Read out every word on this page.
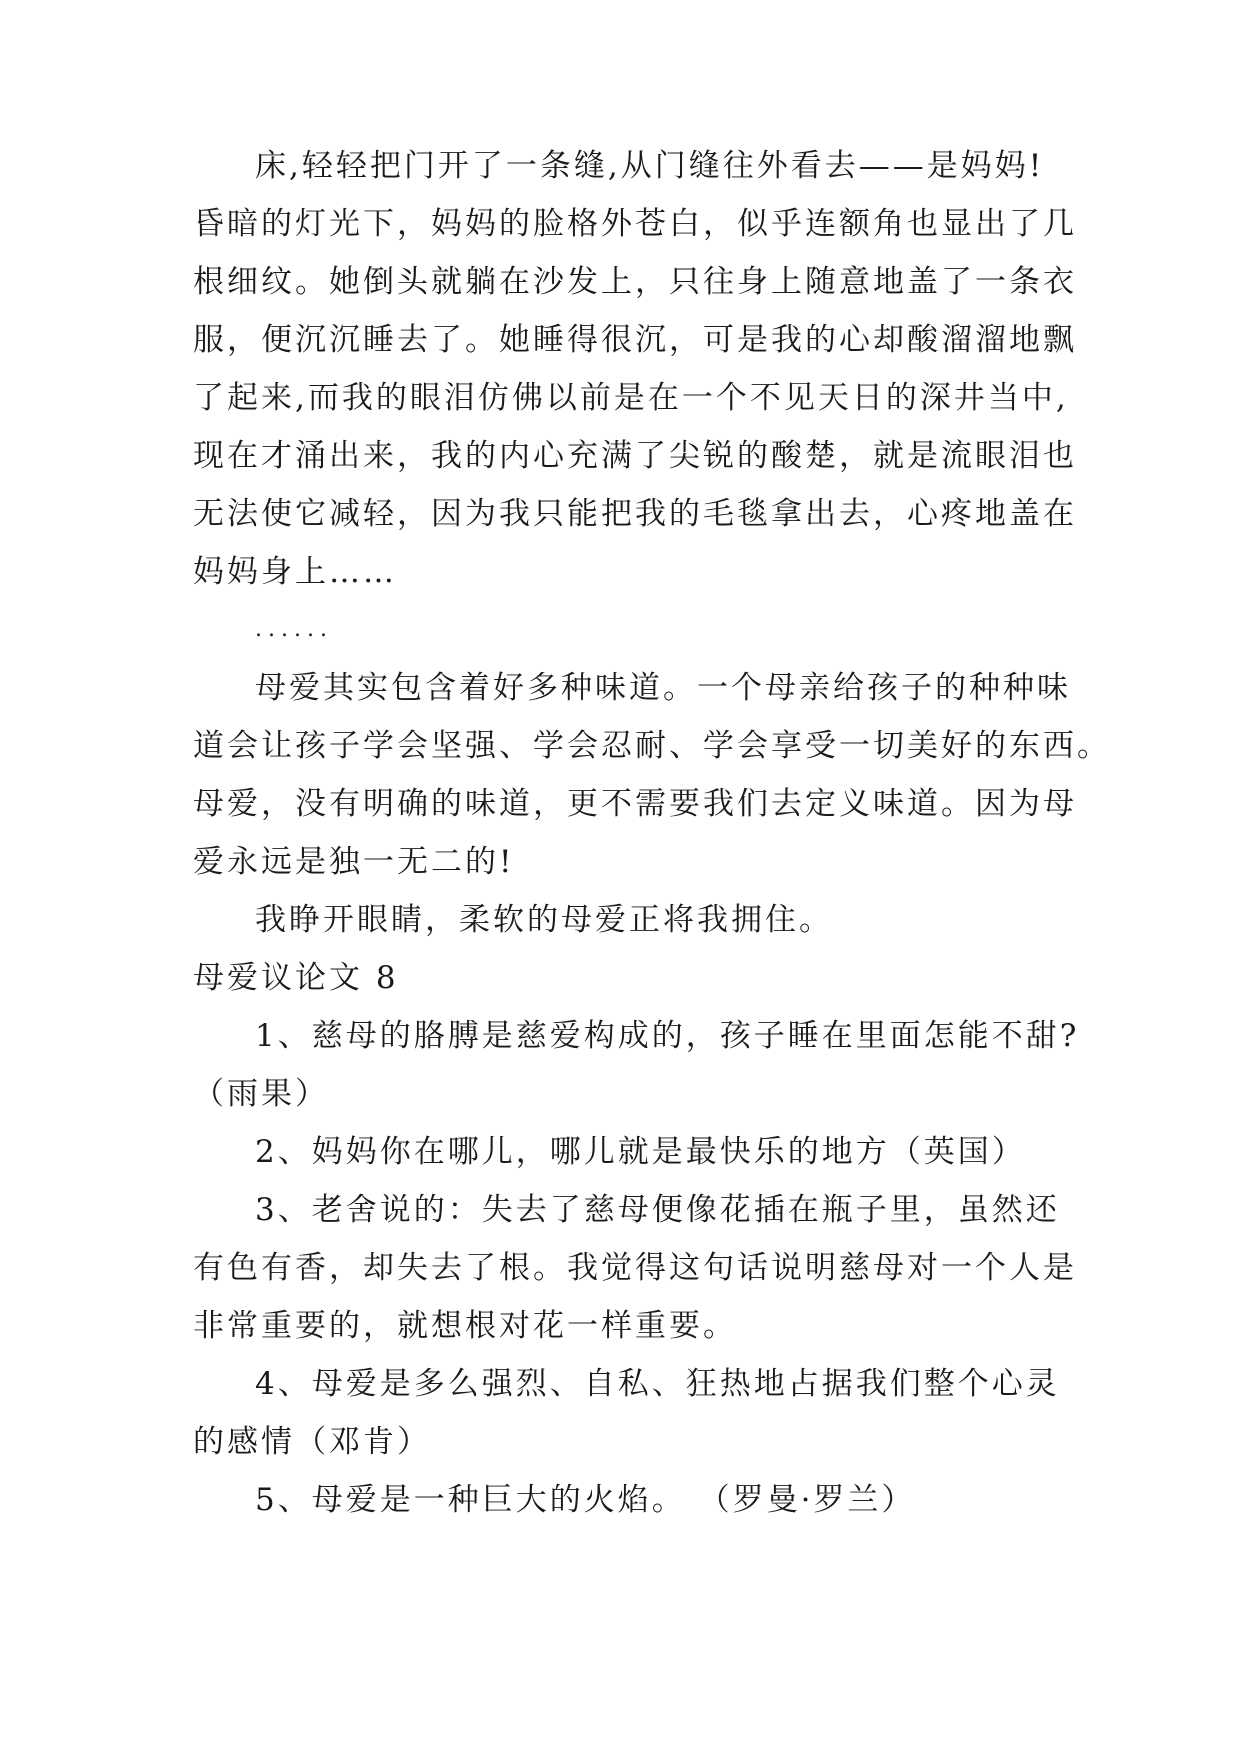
床,轻轻把门开了一条缝,从门缝往外看去——是妈妈!
昏暗的灯光下，妈妈的脸格外苍白，似乎连额角也显出了几
根细纹。她倒头就躺在沙发上，只往身上随意地盖了一条衣
服，便沉沉睡去了。她睡得很沉，可是我的心却酸溜溜地飘
了起来,而我的眼泪仿佛以前是在一个不见天日的深井当中,
现在才涌出来，我的内心充满了尖锐的酸楚，就是流眼泪也
无法使它减轻，因为我只能把我的毛毯拿出去，心疼地盖在
妈妈身上……
......
母爱其实包含着好多种味道。一个母亲给孩子的种种味
道会让孩子学会坚强、学会忍耐、学会享受一切美好的东西。
母爱，没有明确的味道，更不需要我们去定义味道。因为母
爱永远是独一无二的!
我睁开眼睛，柔软的母爱正将我拥住。
母爱议论文 8
1、慈母的胳膊是慈爱构成的，孩子睡在里面怎能不甜?
（雨果）
2、妈妈你在哪儿，哪儿就是最快乐的地方（英国）
3、老舍说的：失去了慈母便像花插在瓶子里，虽然还
有色有香，却失去了根。我觉得这句话说明慈母对一个人是
非常重要的，就想根对花一样重要。
4、母爱是多么强烈、自私、狂热地占据我们整个心灵
的感情（邓肯）
5、母爱是一种巨大的火焰。 （罗曼·罗兰）
